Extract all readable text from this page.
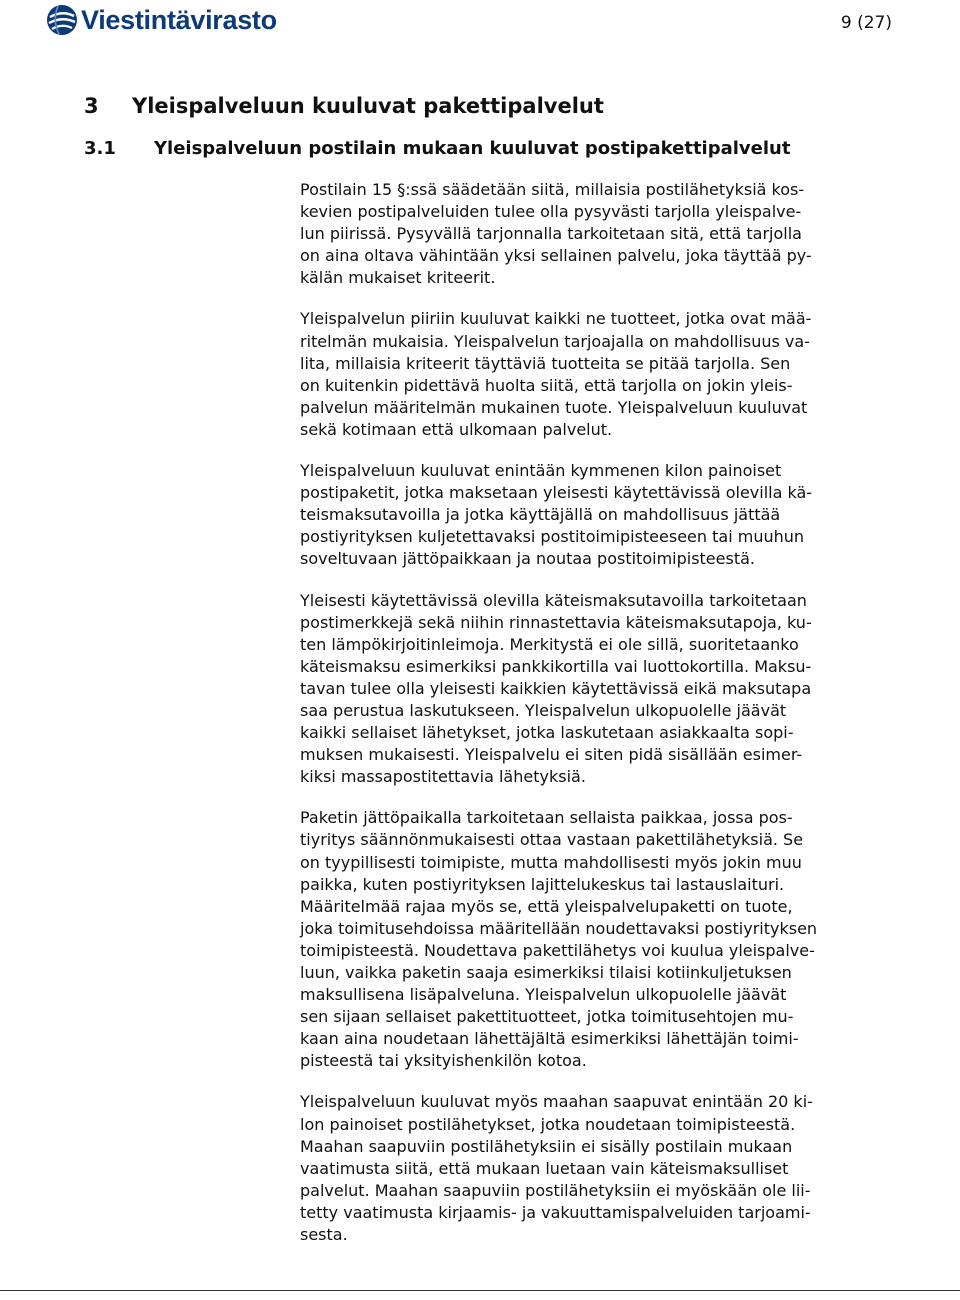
Viestintävirasto	9 (27)
3 Yleispalveluun kuuluvat pakettipalvelut
3.1 Yleispalveluun postilain mukaan kuuluvat postipakettipalvelut

Postilain 15 §:ssä säädetään siitä, millaisia postilähetyksiä kos-
kevien postipalveluiden tulee olla pysyvästi tarjolla yleispalve-
lun piirissä. Pysyvällä tarjonnalla tarkoitetaan sitä, että tarjolla
on aina oltava vähintään yksi sellainen palvelu, joka täyttää py-
kälän mukaiset kriteerit.

Yleispalvelun piiriin kuuluvat kaikki ne tuotteet, jotka ovat mää-
ritelmän mukaisia. Yleispalvelun tarjoajalla on mahdollisuus va-
lita, millaisia kriteerit täyttäviä tuotteita se pitää tarjolla. Sen
on kuitenkin pidettävä huolta siitä, että tarjolla on jokin yleis-
palvelun määritelmän mukainen tuote. Yleispalveluun kuuluvat
sekä kotimaan että ulkomaan palvelut.

Yleispalveluun kuuluvat enintään kymmenen kilon painoiset
postipaketit, jotka maksetaan yleisesti käytettävissä olevilla kä-
teismaksutavoilla ja jotka käyttäjällä on mahdollisuus jättää
postiyrityksen kuljetettavaksi postitoimipisteeseen tai muuhun
soveltuvaan jättöpaikkaan ja noutaa postitoimipisteestä.

Yleisesti käytettävissä olevilla käteismaksutavoilla tarkoitetaan
postimerkkejä sekä niihin rinnastettavia käteismaksutapoja, ku-
ten lämpökirjoitinleimoja. Merkitystä ei ole sillä, suoritetaanko
käteismaksu esimerkiksi pankkikortilla vai luottokortilla. Maksu-
tavan tulee olla yleisesti kaikkien käytettävissä eikä maksutapa
saa perustua laskutukseen. Yleispalvelun ulkopuolelle jäävät
kaikki sellaiset lähetykset, jotka laskutetaan asiakkaalta sopi-
muksen mukaisesti. Yleispalvelu ei siten pidä sisällään esimer-
kiksi massapostitettavia lähetyksiä.

Paketin jättöpaikalla tarkoitetaan sellaista paikkaa, jossa pos-
tiyritys säännönmukaisesti ottaa vastaan pakettilähetyksiä. Se
on tyypillisesti toimipiste, mutta mahdollisesti myös jokin muu
paikka, kuten postiyrityksen lajittelukeskus tai lastauslaituri.
Määritelmää rajaa myös se, että yleispalvelupaketti on tuote,
joka toimitusehdoissa määritellään noudettavaksi postiyrityksen
toimipisteestä. Noudettava pakettilähetys voi kuulua yleispalve-
luun, vaikka paketin saaja esimerkiksi tilaisi kotiinkuljetuksen
maksullisena lisäpalveluna. Yleispalvelun ulkopuolelle jäävät
sen sijaan sellaiset pakettituotteet, jotka toimitusehtojen mu-
kaan aina noudetaan lähettäjältä esimerkiksi lähettäjän toimi-
pisteestä tai yksityishenkilön kotoa.

Yleispalveluun kuuluvat myös maahan saapuvat enintään 20 ki-
lon painoiset postilähetykset, jotka noudetaan toimipisteestä.
Maahan saapuviin postilähetyksiin ei sisälly postilain mukaan
vaatimusta siitä, että mukaan luetaan vain käteismaksulliset
palvelut. Maahan saapuviin postilähetyksiin ei myöskään ole lii-
tetty vaatimusta kirjaamis- ja vakuuttamispalveluiden tarjoami-
sesta.
